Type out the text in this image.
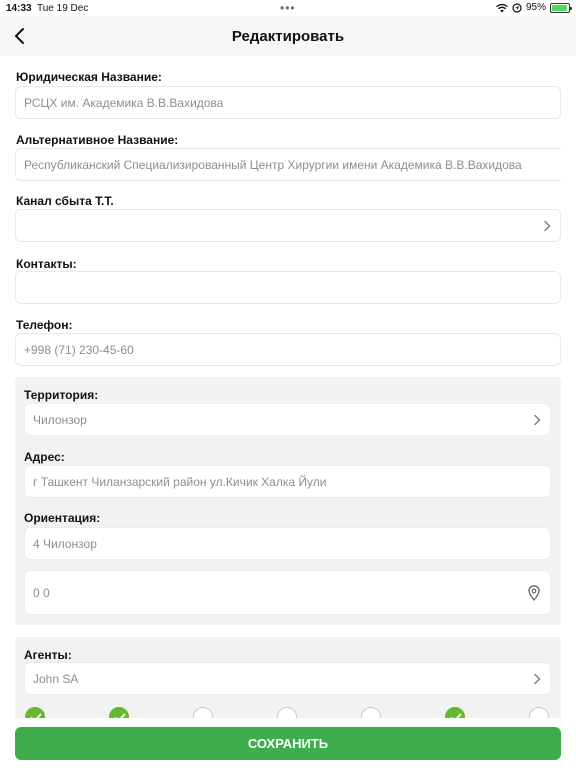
14:33 Tue 19 Dec	•••	95%
Редактировать
Юридическая Название:
РСЦХ им. Академика В.В.Вахидова
Альтернативное Название:
Республиканский Специализированный Центр Хирургии имени Академика В.В.Вахидова
Канал сбыта Т.Т.
Контакты:
Телефон:
+998 (71) 230-45-60
Территория:
Чилонзор
Адрес:
г Ташкент Чиланзарский район ул.Кичик Халка Йули
Ориентация:
4 Чилонзор
0 0
Агенты:
John SA
СОХРАНИТЬ
